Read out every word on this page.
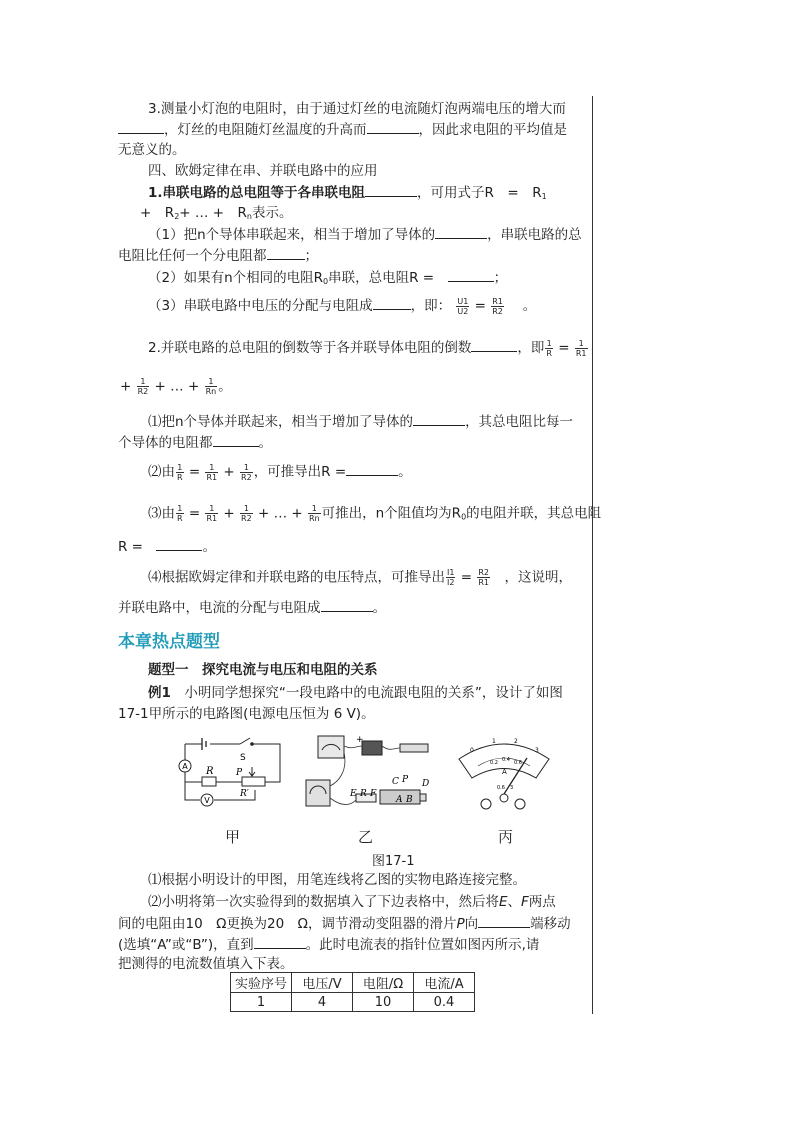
3.测量小灯泡的电阻时，由于通过灯丝的电流随灯泡两端电压的增大而
，灯丝的电阻随灯丝温度的升高而	，因此求电阻的平均值是
无意义的。
四、欧姆定律在串、并联电路中的应用
1.串联电路的总电阻等于各串联电阻	，可用式子R　=　$R_1$
+　$R_2+$ … +　$R_n$表示。
（1）把n个导体串联起来，相当于增加了导体的	，串联电路的总
电阻比任何一个分电阻都	；
（2）如果有n个相同的电阻$R_0$串联，总电阻R =　	；
（3）串联电路中电压的分配与电阻成	，即： $\frac{U1}{U2} = \frac{R1}{R2}$
　 。
2.并联电路的总电阻的倒数等于各并联导体电阻的倒数	，即 $\frac{1}{R} = \frac{1}{R1}$
+ $\frac{1}{R2}$ + … + $\frac{1}{Rn}$ 。
⑴把n个导体并联起来，相当于增加了导体的	，其总电阻比每一
个导体的电阻都	。
⑵由 $\frac{1}{R} = \frac{1}{R1} + \frac{1}{R2}$ ，可推导出R =	。
⑶由 $\frac{1}{R} = \frac{1}{R1} + \frac{1}{R2}$ + … + $\frac{1}{Rn}$ 可推出，n个阻值均为$R_0$的电阻并联，其总电阻
R =　	。
⑷根据欧姆定律和并联电路的电压特点，可推导出 $\frac{I1}{I2} = \frac{R2}{R1}$
　 ，这说明，
并联电路中，电流的分配与电阻成	。
本章热点题型
题型一　探究电流与电压和电阻的关系
例1　小明同学想探究“一段电路中的电流跟电阻的关系”，设计了如图
17-1甲所示的电路图(电源电压恒为 6 V)。
A
V
R
S
P
R′
+
C P D
E R F
A B
0
1	2
3
0.2 0.4 0.6
A
0.6 3
甲	乙	丙
图17-1
⑴根据小明设计的甲图，用笔连线将乙图的实物电路连接完整。
⑵小明将第一次实验得到的数据填入了下边表格中，然后将E、F两点
间的电阻由10　Ω更换为20　Ω，调节滑动变阻器的滑片P向	端移动
(选填“A”或“B”)，直到	。此时电流表的指针位置如图丙所示,请
把测得的电流数值填入下表。
实验序号	电压/V	电阻/Ω	电流/A
1	4	10	0.4
